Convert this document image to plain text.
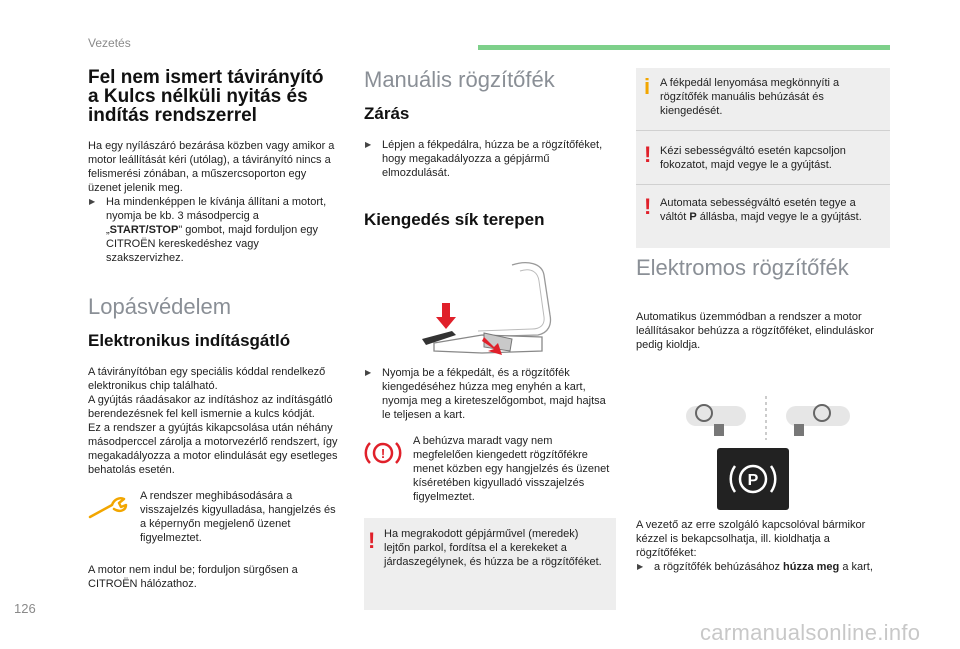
Vezetés
Fel nem ismert távirányító a Kulcs nélküli nyitás és indítás rendszerrel

Ha egy nyílászáró bezárása közben vagy amikor a motor leállítását kéri (utólag), a távirányító nincs a felismerési zónában, a műszercsoporton egy üzenet jelenik meg.

▶ Ha mindenképpen le kívánja állítani a motort, nyomja be kb. 3 másodpercig a „START/STOP" gombot, majd forduljon egy CITROËN kereskedéshez vagy szakszervizhez.

Lopásvédelem
Elektronikus indításgátló

A távirányítóban egy speciális kóddal rendelkező elektronikus chip található.
A gyújtás ráadásakor az indításhoz az indításgátló berendezésnek fel kell ismernie a kulcs kódját.
Ez a rendszer a gyújtás kikapcsolása után néhány másodperccel zárolja a motorvezérlő rendszert, így megakadályozza a motor elindulását egy esetleges behatolás esetén.

A rendszer meghibásodására a visszajelzés kigyulladása, hangjelzés és a képernyőn megjelenő üzenet figyelmeztet.

A motor nem indul be; forduljon sürgősen a CITROËN hálózathoz.

Manuális rögzítőfék
Zárás

▶ Lépjen a fékpedálra, húzza be a rögzítőféket, hogy megakadályozza a gépjármű elmozdulását.

Kiengedés sík terepen

▶ Nyomja be a fékpedált, és a rögzítőfék kiengedéséhez húzza meg enyhén a kart, nyomja meg a kireteszelőgombot, majd hajtsa le teljesen a kart.

!

A behúzva maradt vagy nem megfelelően kiengedett rögzítőfékre menet közben egy hangjelzés és üzenet kíséretében kigyulladó visszajelzés figyelmeztet.

! Ha megrakodott gépjárművel (meredek) lejtőn parkol, fordítsa el a kerekeket a járdaszegélynek, és húzza be a rögzítőféket.

i A fékpedál lenyomása megkönnyíti a rögzítőfék manuális behúzását és kiengedését.

! Kézi sebességváltó esetén kapcsoljon fokozatot, majd vegye le a gyújtást.

! Automata sebességváltó esetén tegye a váltót P állásba, majd vegye le a gyújtást.

Elektromos rögzítőfék

Automatikus üzemmódban a rendszer a motor leállításakor behúzza a rögzítőféket, elinduláskor pedig kioldja.

P

A vezető az erre szolgáló kapcsolóval bármikor kézzel is bekapcsolhatja, ill. kioldhatja a rögzítőféket:

▶ a rögzítőfék behúzásához húzza meg a kart,

126
carmanualsonline.info
